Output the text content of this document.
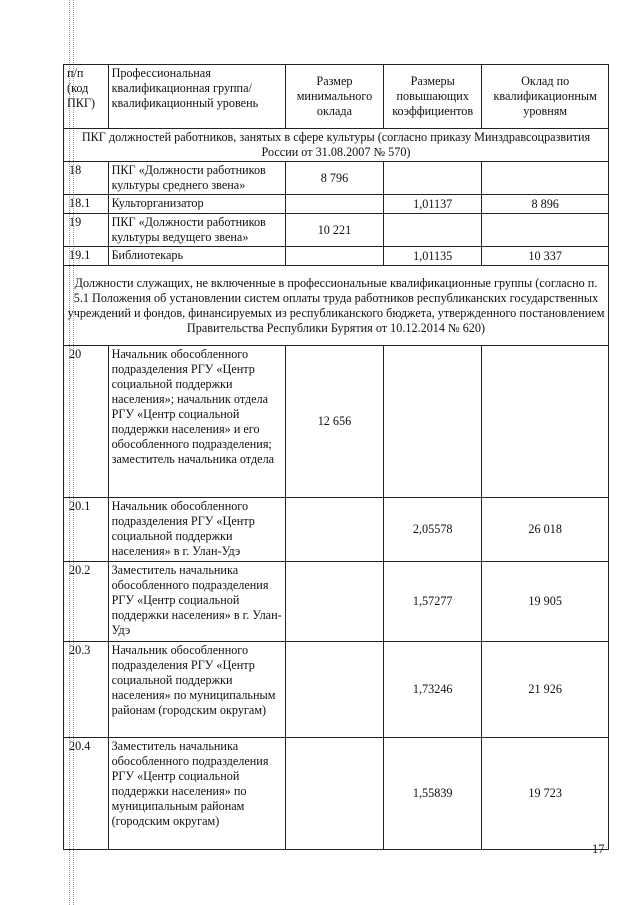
п/п (код ПКГ)	Профессиональная квалификационная группа/квалификационный уровень	Размер минимального оклада	Размеры повышающих коэффициентов	Оклад по квалификационным уровням
ПКГ должностей работников, занятых в сфере культуры (согласно приказу Минздравсоцразвития России от 31.08.2007 № 570)				
18	ПКГ «Должности работников культуры среднего звена»	8 796		
18.1	Культорганизатор		1,01137	8 896
19	ПКГ «Должности работников культуры ведущего звена»	10 221		
19.1	Библиотекарь		1,01135	10 337
Должности служащих, не включенные в профессиональные квалификационные группы (согласно п. 5.1 Положения об установлении систем оплаты труда работников республиканских государственных учреждений и фондов, финансируемых из республиканского бюджета, утвержденного постановлением Правительства Республики Бурятия от 10.12.2014 № 620)				
20	Начальник обособленного подразделения РГУ «Центр социальной поддержки населения»; начальник отдела РГУ «Центр социальной поддержки населения» и его обособленного подразделения; заместитель начальника отдела	12 656		
20.1	Начальник обособленного подразделения РГУ «Центр социальной поддержки населения» в г. Улан-Удэ		2,05578	26 018
20.2	Заместитель начальника обособленного подразделения РГУ «Центр социальной поддержки населения» в г. Улан-Удэ		1,57277	19 905
20.3	Начальник обособленного подразделения РГУ «Центр социальной поддержки населения» по муниципальным районам (городским округам)		1,73246	21 926
20.4	Заместитель начальника обособленного подразделения РГУ «Центр социальной поддержки населения» по муниципальным районам (городским округам)		1,55839	19 723
17
